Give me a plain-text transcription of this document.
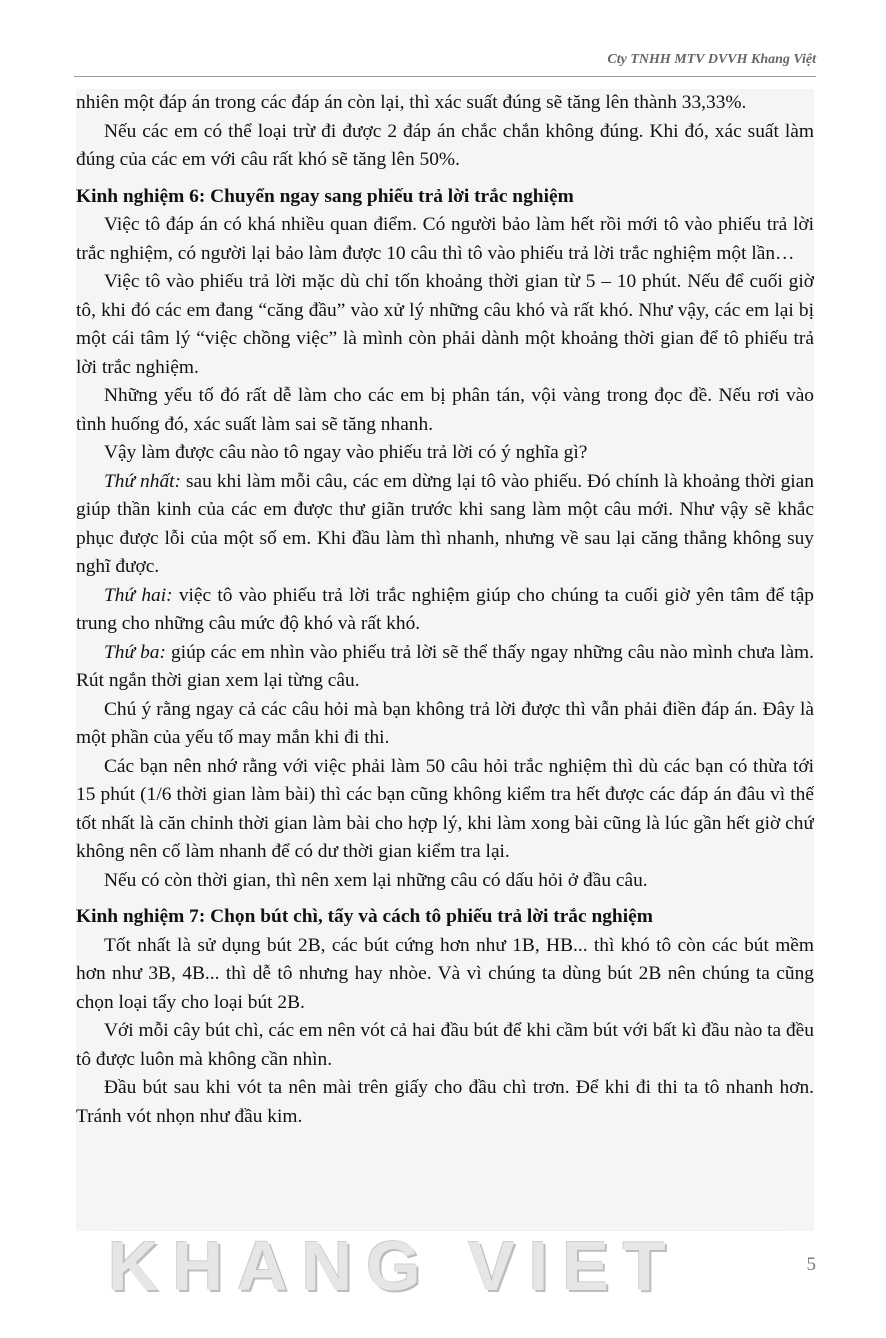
Cty TNHH MTV DVVH Khang Việt

nhiên một đáp án trong các đáp án còn lại, thì xác suất đúng sẽ tăng lên thành 33,33%.

Nếu các em có thể loại trừ đi được 2 đáp án chắc chắn không đúng. Khi đó, xác suất làm đúng của các em với câu rất khó sẽ tăng lên 50%.

Kinh nghiệm 6: Chuyển ngay sang phiếu trả lời trắc nghiệm

Việc tô đáp án có khá nhiều quan điểm. Có người bảo làm hết rồi mới tô vào phiếu trả lời trắc nghiệm, có người lại bảo làm được 10 câu thì tô vào phiếu trả lời trắc nghiệm một lần…

Việc tô vào phiếu trả lời mặc dù chỉ tốn khoảng thời gian từ 5 – 10 phút. Nếu để cuối giờ tô, khi đó các em đang “căng đầu” vào xử lý những câu khó và rất khó. Như vậy, các em lại bị một cái tâm lý “việc chồng việc” là mình còn phải dành một khoảng thời gian để tô phiếu trả lời trắc nghiệm.

Những yếu tố đó rất dễ làm cho các em bị phân tán, vội vàng trong đọc đề. Nếu rơi vào tình huống đó, xác suất làm sai sẽ tăng nhanh.

Vậy làm được câu nào tô ngay vào phiếu trả lời có ý nghĩa gì?

Thứ nhất: sau khi làm mỗi câu, các em dừng lại tô vào phiếu. Đó chính là khoảng thời gian giúp thần kinh của các em được thư giãn trước khi sang làm một câu mới. Như vậy sẽ khắc phục được lỗi của một số em. Khi đầu làm thì nhanh, nhưng về sau lại căng thẳng không suy nghĩ được.

Thứ hai: việc tô vào phiếu trả lời trắc nghiệm giúp cho chúng ta cuối giờ yên tâm để tập trung cho những câu mức độ khó và rất khó.

Thứ ba: giúp các em nhìn vào phiếu trả lời sẽ thể thấy ngay những câu nào mình chưa làm. Rút ngắn thời gian xem lại từng câu.

Chú ý rằng ngay cả các câu hỏi mà bạn không trả lời được thì vẫn phải điền đáp án. Đây là một phần của yếu tố may mắn khi đi thi.

Các bạn nên nhớ rằng với việc phải làm 50 câu hỏi trắc nghiệm thì dù các bạn có thừa tới 15 phút (1/6 thời gian làm bài) thì các bạn cũng không kiểm tra hết được các đáp án đâu vì thế tốt nhất là căn chỉnh thời gian làm bài cho hợp lý, khi làm xong bài cũng là lúc gần hết giờ chứ không nên cố làm nhanh để có dư thời gian kiểm tra lại.

Nếu có còn thời gian, thì nên xem lại những câu có dấu hỏi ở đầu câu.

Kinh nghiệm 7: Chọn bút chì, tẩy và cách tô phiếu trả lời trắc nghiệm

Tốt nhất là sử dụng bút 2B, các bút cứng hơn như 1B, HB... thì khó tô còn các bút mềm hơn như 3B, 4B... thì dễ tô nhưng hay nhòe. Và vì chúng ta dùng bút 2B nên chúng ta cũng chọn loại tẩy cho loại bút 2B.

Với mỗi cây bút chì, các em nên vót cả hai đầu bút để khi cầm bút với bất kì đầu nào ta đều tô được luôn mà không cần nhìn.

Đầu bút sau khi vót ta nên mài trên giấy cho đầu chì trơn. Để khi đi thi ta tô nhanh hơn. Tránh vót nhọn như đầu kim.

KHANG VIET	5
